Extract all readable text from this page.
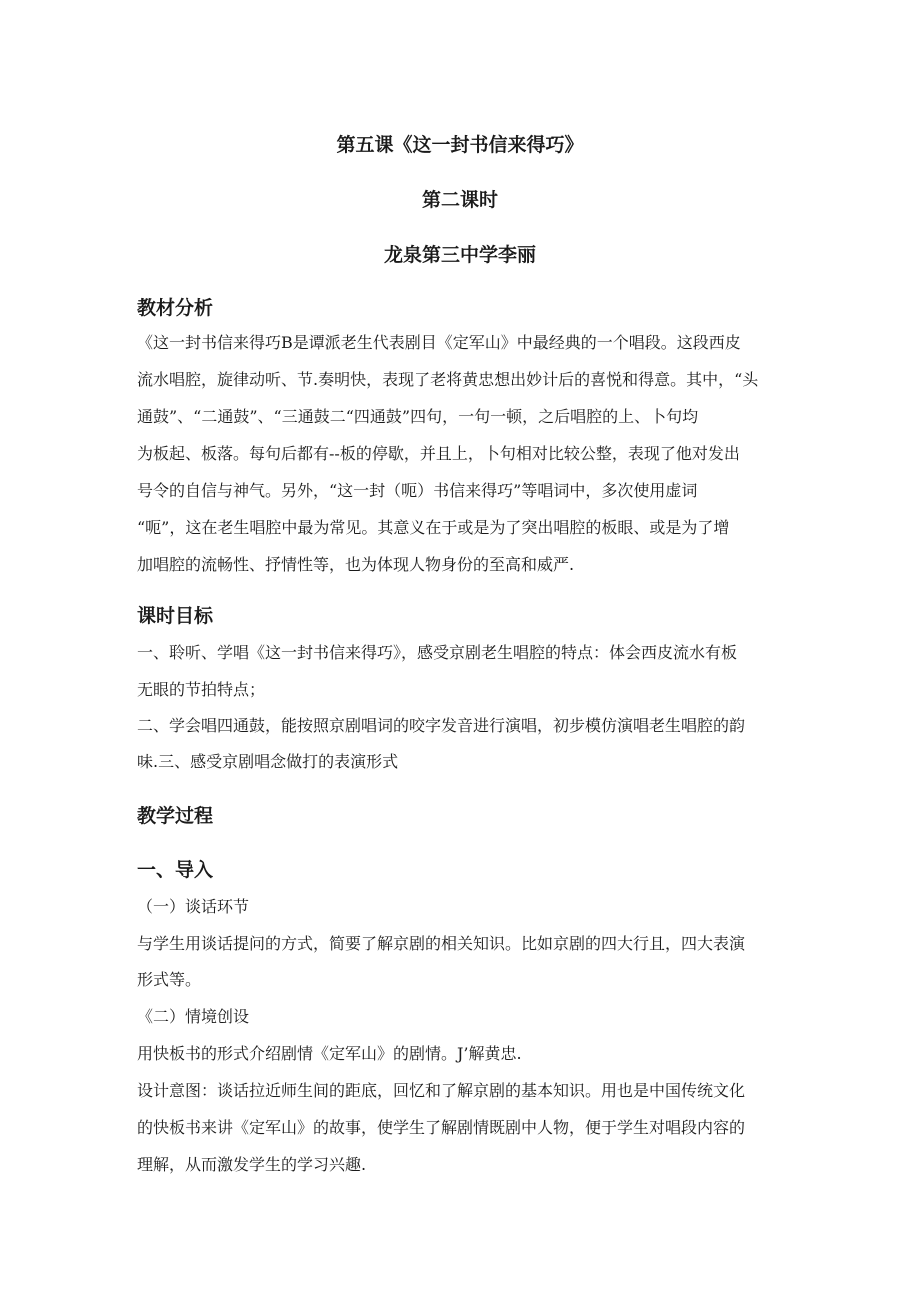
第五课《这一封书信来得巧》
第二课时
龙泉第三中学李丽
教材分析
《这一封书信来得巧B是谭派老生代表剧目《定军山》中最经典的一个唱段。这段西皮
流水唱腔，旋律动听、节.奏明快，表现了老将黄忠想出妙计后的喜悦和得意。其中，“头
通鼓”、“二通鼓”、“三通鼓二“四通鼓”四句，一句一顿，之后唱腔的上、卜句均
为板起、板落。每句后都有--板的停歇，并且上，卜句相对比较公整，表现了他对发出
号令的自信与神气。另外，“这一封（呃）书信来得巧”等唱词中，多次使用虚词
“呃”，这在老生唱腔中最为常见。其意义在于或是为了突出唱腔的板眼、或是为了增
加唱腔的流畅性、抒情性等，也为体现人物身份的至高和威严.
课时目标
一、聆听、学唱《这一封书信来得巧》，感受京剧老生唱腔的特点：体会西皮流水有板
无眼的节拍特点；
二、学会唱四通鼓，能按照京剧唱词的咬字发音进行演唱，初步模仿演唱老生唱腔的韵
味.三、感受京剧唱念做打的表演形式
教学过程
一、导入
（一）谈话环节
与学生用谈话提问的方式，简要了解京剧的相关知识。比如京剧的四大行且，四大表演
形式等。
《二）情境创设
用快板书的形式介绍剧情《定军山》的剧情。J’解黄忠.
设计意图：谈话拉近师生间的距底，回忆和了解京剧的基本知识。用也是中国传统文化
的快板书来讲《定军山》的故事，使学生了解剧情既剧中人物，便于学生对唱段内容的
理解，从而激发学生的学习兴趣.
